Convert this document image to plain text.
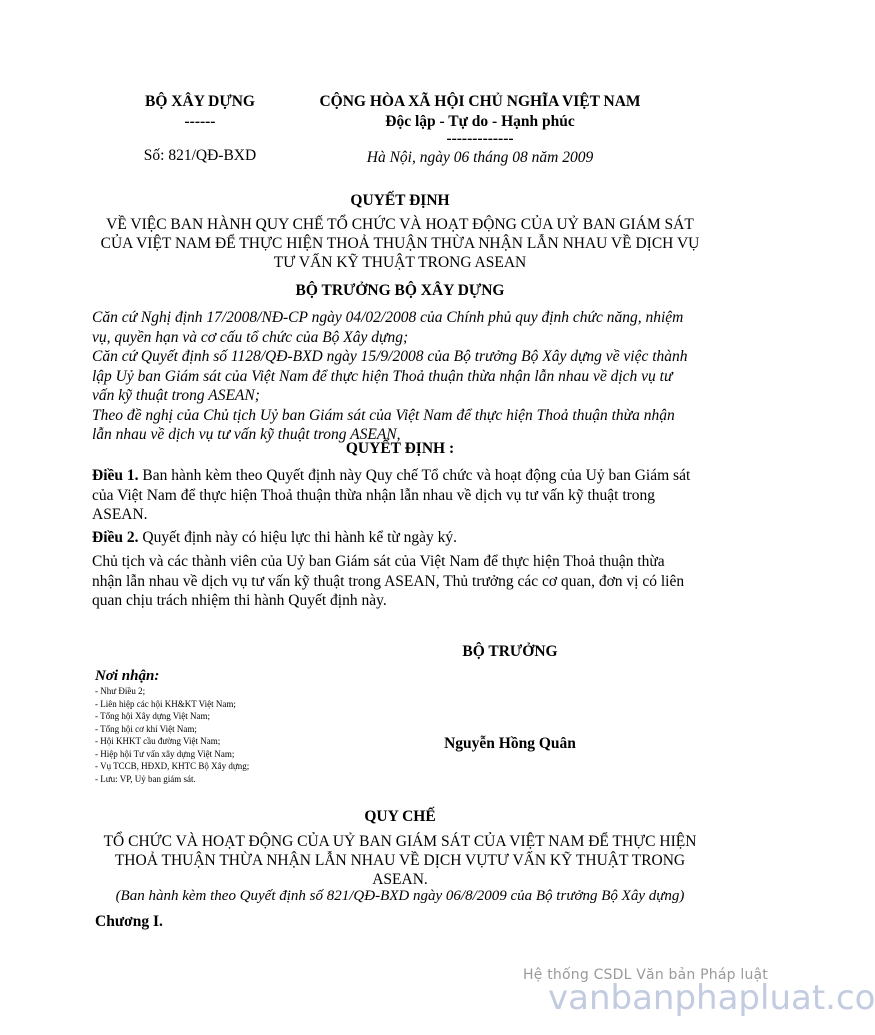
BỘ XÂY DỰNG
------
Số: 821/QĐ-BXD
CỘNG HÒA XÃ HỘI CHỦ NGHĨA VIỆT NAM
Độc lập - Tự do - Hạnh phúc
-------------
Hà Nội, ngày 06 tháng 08 năm 2009
QUYẾT ĐỊNH
VỀ VIỆC BAN HÀNH QUY CHẾ TỔ CHỨC VÀ HOẠT ĐỘNG CỦA UỶ BAN GIÁM SÁT
CỦA VIỆT NAM ĐỂ THỰC HIỆN THOẢ THUẬN THỪA NHẬN LẪN NHAU VỀ DỊCH VỤ
TƯ VẤN KỸ THUẬT TRONG ASEAN
BỘ TRƯỞNG BỘ XÂY DỰNG
Căn cứ Nghị định 17/2008/NĐ-CP ngày 04/02/2008 của Chính phủ quy định chức năng, nhiệm
vụ, quyền hạn và cơ cấu tổ chức của Bộ Xây dựng;
Căn cứ Quyết định số 1128/QĐ-BXD ngày 15/9/2008 của Bộ trưởng Bộ Xây dựng về việc thành
lập Uỷ ban Giám sát của Việt Nam để thực hiện Thoả thuận thừa nhận lẫn nhau về dịch vụ tư
vấn kỹ thuật trong ASEAN;
Theo đề nghị của Chủ tịch Uỷ ban Giám sát của Việt Nam để thực hiện Thoả thuận thừa nhận
lẫn nhau về dịch vụ tư vấn kỹ thuật trong ASEAN,
QUYẾT ĐỊNH :
Điều 1. Ban hành kèm theo Quyết định này Quy chế Tổ chức và hoạt động của Uỷ ban Giám sát
của Việt Nam để thực hiện Thoả thuận thừa nhận lẫn nhau về dịch vụ tư vấn kỹ thuật trong
ASEAN.
Điều 2. Quyết định này có hiệu lực thi hành kể từ ngày ký.
Chủ tịch và các thành viên của Uỷ ban Giám sát của Việt Nam để thực hiện Thoả thuận thừa
nhận lẫn nhau về dịch vụ tư vấn kỹ thuật trong ASEAN, Thủ trưởng các cơ quan, đơn vị có liên
quan chịu trách nhiệm thi hành Quyết định này.
BỘ TRƯỞNG
Nguyễn Hồng Quân
Nơi nhận:
- Như Điều 2;
- Liên hiệp các hội KH&KT Việt Nam;
- Tổng hội Xây dựng Việt Nam;
- Tổng hội cơ khí Việt Nam;
- Hội KHKT cầu đường Việt Nam;
- Hiệp hội Tư vấn xây dựng Việt Nam;
- Vụ TCCB, HĐXD, KHTC Bộ Xây dựng;
- Lưu: VP, Uỷ ban giám sát.
QUY CHẾ
TỔ CHỨC VÀ HOẠT ĐỘNG CỦA UỶ BAN GIÁM SÁT CỦA VIỆT NAM ĐỂ THỰC HIỆN
THOẢ THUẬN THỪA NHẬN LẪN NHAU VỀ DỊCH VỤTƯ VẤN KỸ THUẬT TRONG
ASEAN.
(Ban hành kèm theo Quyết định số 821/QĐ-BXD ngày 06/8/2009 của Bộ trưởng Bộ Xây dựng)
Chương I.
Hệ thống CSDL Văn bản Pháp luật
vanbanphapluat.co
